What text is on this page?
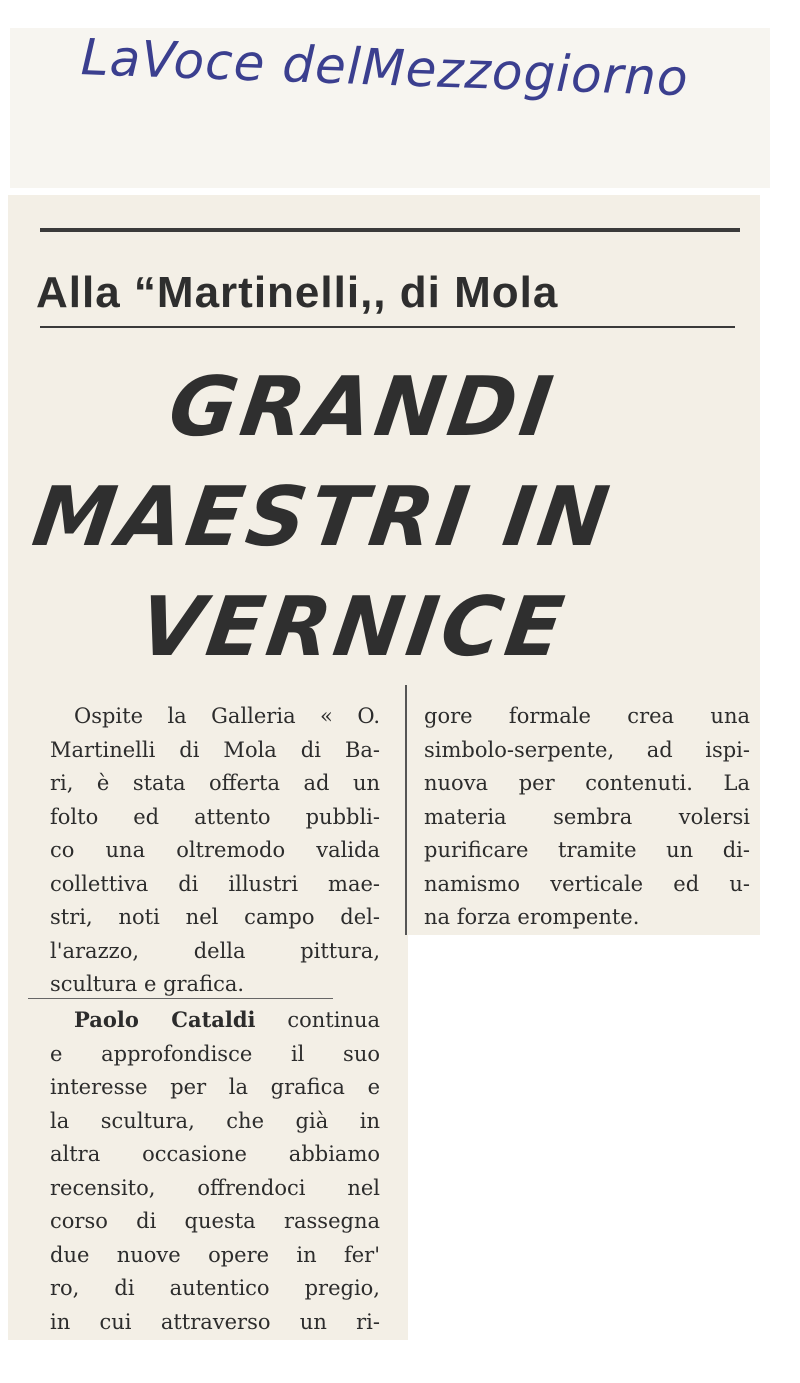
LaVoce delMezzogiorno
Alla “Martinelli,, di Mola
GRANDI
MAESTRI IN
VERNICE
Ospite la Galleria « O.
Martinelli di Mola di Ba-
ri, è stata offerta ad un
folto ed attento pubbli-
co una oltremodo valida
collettiva di illustri mae-
stri, noti nel campo del-
l'arazzo, della pittura,
scultura e grafica.
Paolo Cataldi continua
e approfondisce il suo
interesse per la grafica e
la scultura, che già in
altra occasione abbiamo
recensito, offrendoci nel
corso di questa rassegna
due nuove opere in fer'
ro, di autentico pregio,
in cui attraverso un ri-
gore formale crea una
simbolo-serpente, ad ispi-
nuova per contenuti. La
materia sembra volersi
purificare tramite un di-
namismo verticale ed u-
na forza erompente.
